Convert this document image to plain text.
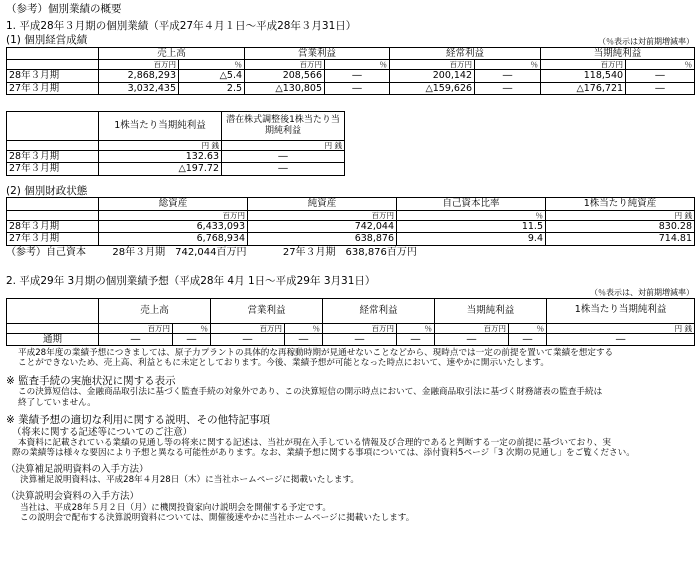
（参考）個別業績の概要
1. 平成28年３月期の個別業績（平成27年４月１日～平成28年３月31日）
(1) 個別経営成績	（％表示は対前期増減率）
	売上高		営業利益		経常利益		当期純利益	
	百万円	％	百万円	％	百万円	％	百万円	％
28年３月期	2,868,293	△5.4	208,566	―	200,142	―	118,540	―
27年３月期	3,032,435	2.5	△130,805	―	△159,626	―	△176,721	―
	1株当たり当期純利益	潜在株式調整後1株当たり当期純利益
	円 銭	円 銭
28年３月期	132.63	―
27年３月期	△197.72	―
(2) 個別財政状態
	総資産	純資産	自己資本比率	1株当たり純資産
	百万円	百万円	％	円 銭
28年３月期	6,433,093	742,044	11.5	830.28
27年３月期	6,768,934	638,876	9.4	714.81
（参考）自己資本	28年３月期　742,044百万円	27年３月期　638,876百万円
2. 平成29年 3月期の個別業績予想（平成28年 4月 1日～平成29年 3月31日）
（％表示は、対前期増減率）
	売上高		営業利益		経常利益		当期純利益		1株当たり当期純利益
	百万円	％	百万円	％	百万円	％	百万円	％	円 銭
通期	―	―	―	―	―	―	―	―	―
平成28年度の業績予想につきましては、原子力プラントの具体的な再稼動時期が見通せないことなどから、現時点では一定の前提を置いて業績を想定する
ことができないため、売上高、利益ともに未定としております。今後、業績予想が可能となった時点において、速やかに開示いたします。
※ 監査手続の実施状況に関する表示
この決算短信は、金融商品取引法に基づく監査手続の対象外であり、この決算短信の開示時点において、金融商品取引法に基づく財務諸表の監査手続は
終了していません。
※ 業績予想の適切な利用に関する説明、その他特記事項
（将来に関する記述等についてのご注意）
本資料に記載されている業績の見通し等の将来に関する記述は、当社が現在入手している情報及び合理的であると判断する一定の前提に基づいており、実
際の業績等は様々な要因により予想と異なる可能性があります。なお、業績予想に関する事項については、添付資料5ページ「3 次期の見通し」をご覧ください。
（決算補足説明資料の入手方法）
決算補足説明資料は、平成28年４月28日（木）に当社ホームページに掲載いたします。
（決算説明会資料の入手方法）
当社は、平成28年５月２日（月）に機関投資家向け説明会を開催する予定です。
この説明会で配布する決算説明資料については、開催後速やかに当社ホームページに掲載いたします。
